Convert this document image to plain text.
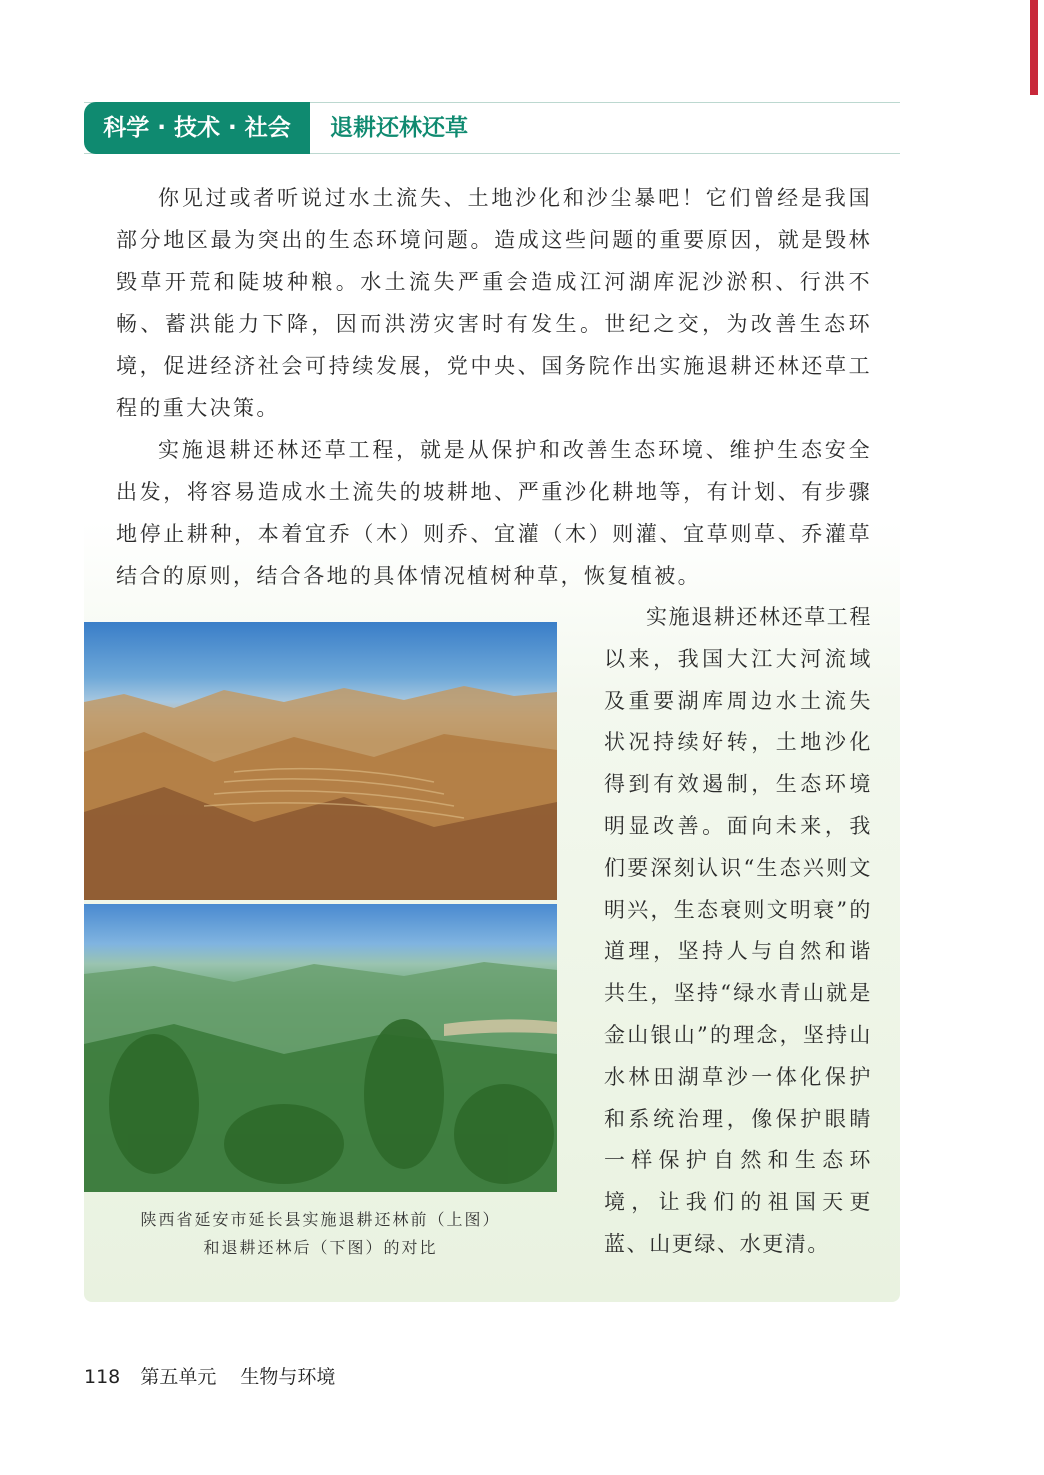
科学 · 技术 · 社会	退耕还林还草

你见过或者听说过水土流失、土地沙化和沙尘暴吧！它们曾经是我国部分地区最为突出的生态环境问题。造成这些问题的重要原因，就是毁林毁草开荒和陡坡种粮。水土流失严重会造成江河湖库泥沙淤积、行洪不畅、蓄洪能力下降，因而洪涝灾害时有发生。世纪之交，为改善生态环境，促进经济社会可持续发展，党中央、国务院作出实施退耕还林还草工程的重大决策。

实施退耕还林还草工程，就是从保护和改善生态环境、维护生态安全出发，将容易造成水土流失的坡耕地、严重沙化耕地等，有计划、有步骤地停止耕种，本着宜乔（木）则乔、宜灌（木）则灌、宜草则草、乔灌草结合的原则，结合各地的具体情况植树种草，恢复植被。

陕西省延安市延长县实施退耕还林前（上图）
和退耕还林后（下图）的对比

实施退耕还林还草工程以来，我国大江大河流域及重要湖库周边水土流失状况持续好转，土地沙化得到有效遏制，生态环境明显改善。面向未来，我们要深刻认识“生态兴则文明兴，生态衰则文明衰”的道理，坚持人与自然和谐共生，坚持“绿水青山就是金山银山”的理念，坚持山水林田湖草沙一体化保护和系统治理，像保护眼睛一样保护自然和生态环境，让我们的祖国天更蓝、山更绿、水更清。

118 第五单元 生物与环境
